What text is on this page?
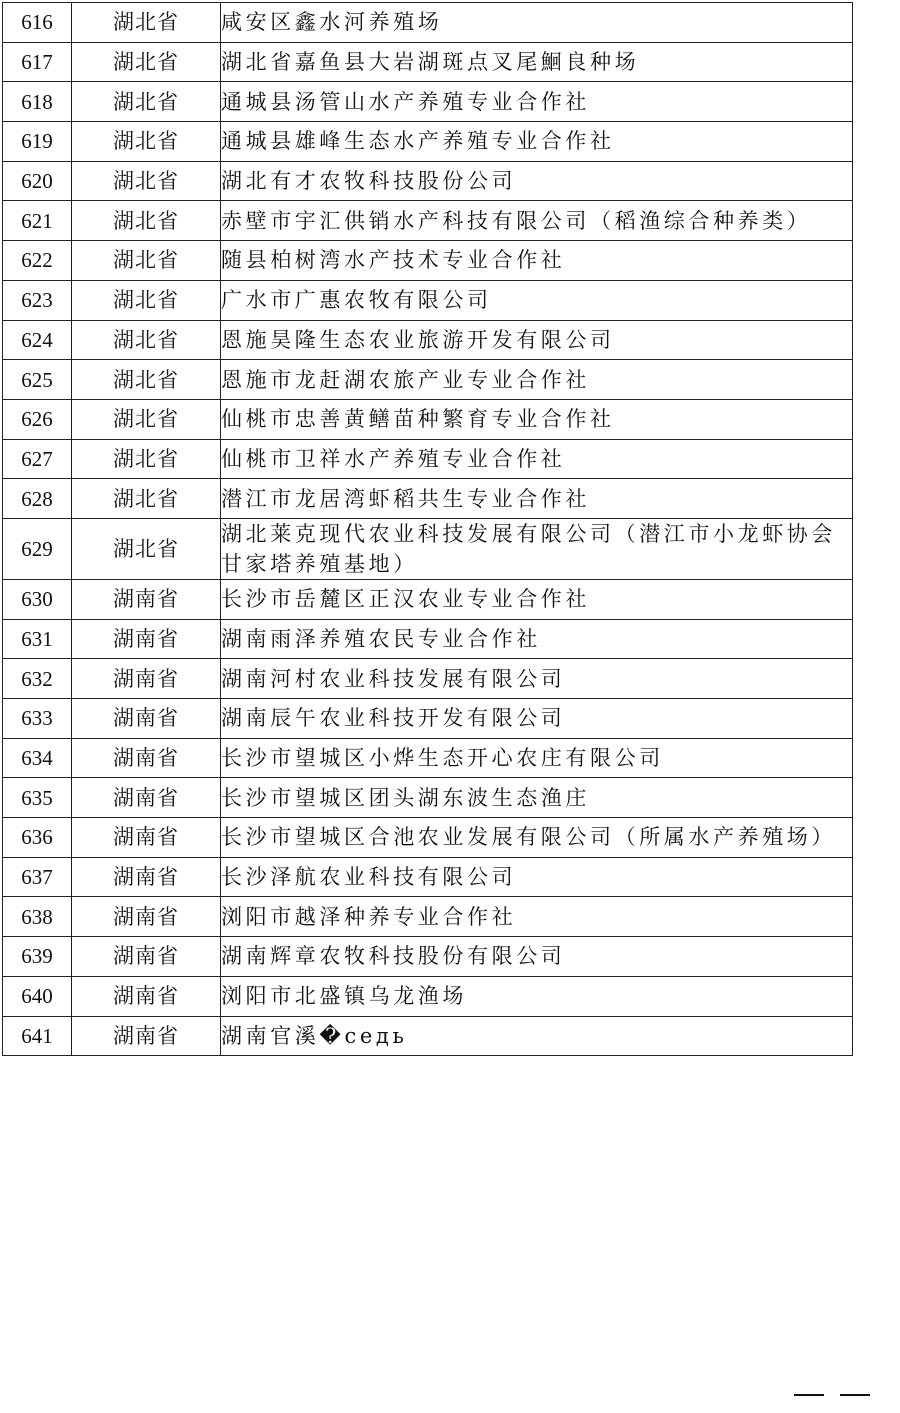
616	湖北省	咸安区鑫水河养殖场
617	湖北省	湖北省嘉鱼县大岩湖斑点叉尾鮰良种场
618	湖北省	通城县汤管山水产养殖专业合作社
619	湖北省	通城县雄峰生态水产养殖专业合作社
620	湖北省	湖北有才农牧科技股份公司
621	湖北省	赤壁市宇汇供销水产科技有限公司（稻渔综合种养类）
622	湖北省	随县柏树湾水产技术专业合作社
623	湖北省	广水市广惠农牧有限公司
624	湖北省	恩施昊隆生态农业旅游开发有限公司
625	湖北省	恩施市龙赶湖农旅产业专业合作社
626	湖北省	仙桃市忠善黄鳝苗种繁育专业合作社
627	湖北省	仙桃市卫祥水产养殖专业合作社
628	湖北省	潜江市龙居湾虾稻共生专业合作社
629	湖北省	湖北莱克现代农业科技发展有限公司（潜江市小龙虾协会甘家塔养殖基地）
630	湖南省	长沙市岳麓区正汉农业专业合作社
631	湖南省	湖南雨泽养殖农民专业合作社
632	湖南省	湖南河村农业科技发展有限公司
633	湖南省	湖南辰午农业科技开发有限公司
634	湖南省	长沙市望城区小烨生态开心农庄有限公司
635	湖南省	长沙市望城区团头湖东波生态渔庄
636	湖南省	长沙市望城区合池农业发展有限公司（所属水产养殖场）
637	湖南省	长沙泽航农业科技有限公司
638	湖南省	浏阳市越泽种养专业合作社
639	湖南省	湖南辉章农牧科技股份有限公司
640	湖南省	浏阳市北盛镇乌龙渔场
641	湖南省	湖南官溪�седь
